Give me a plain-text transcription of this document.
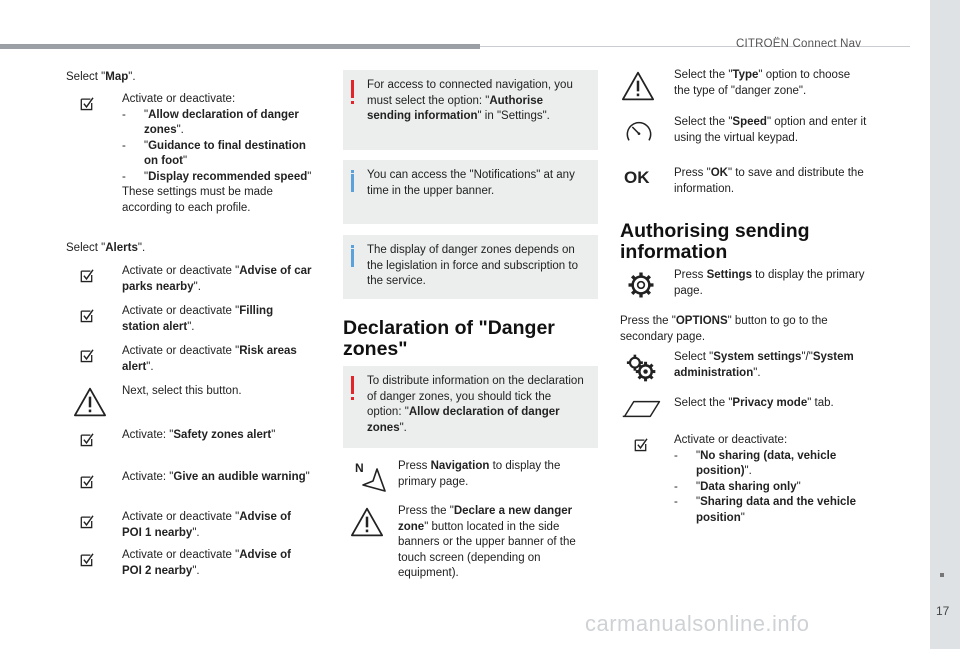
CITROËN Connect Nav
17
carmanualsonline.info
Select "Map".
Activate or deactivate:
- "Allow declaration of danger zones".
- "Guidance to final destination on foot"
- "Display recommended speed"
These settings must be made according to each profile.
Select "Alerts".
Activate or deactivate "Advise of car parks nearby".
Activate or deactivate "Filling station alert".
Activate or deactivate "Risk areas alert".
Next, select this button.
Activate: "Safety zones alert"
Activate: "Give an audible warning"
Activate or deactivate "Advise of POI 1 nearby".
Activate or deactivate "Advise of POI 2 nearby".
For access to connected navigation, you must select the option: "Authorise sending information" in "Settings".
You can access the "Notifications" at any time in the upper banner.
The display of danger zones depends on the legislation in force and subscription to the service.
Declaration of "Danger zones"
To distribute information on the declaration of danger zones, you should tick the option: "Allow declaration of danger zones".
N	Press Navigation to display the primary page.
Press the "Declare a new danger zone" button located in the side banners or the upper banner of the touch screen (depending on equipment).
Select the "Type" option to choose the type of "danger zone".
Select the "Speed" option and enter it using the virtual keypad.
OK	Press "OK" to save and distribute the information.
Authorising sending information
Press Settings to display the primary page.
Press the "OPTIONS" button to go to the secondary page.
Select "System settings"/"System administration".
Select the "Privacy mode" tab.
Activate or deactivate:
- "No sharing (data, vehicle position)".
- "Data sharing only"
- "Sharing data and the vehicle position"
